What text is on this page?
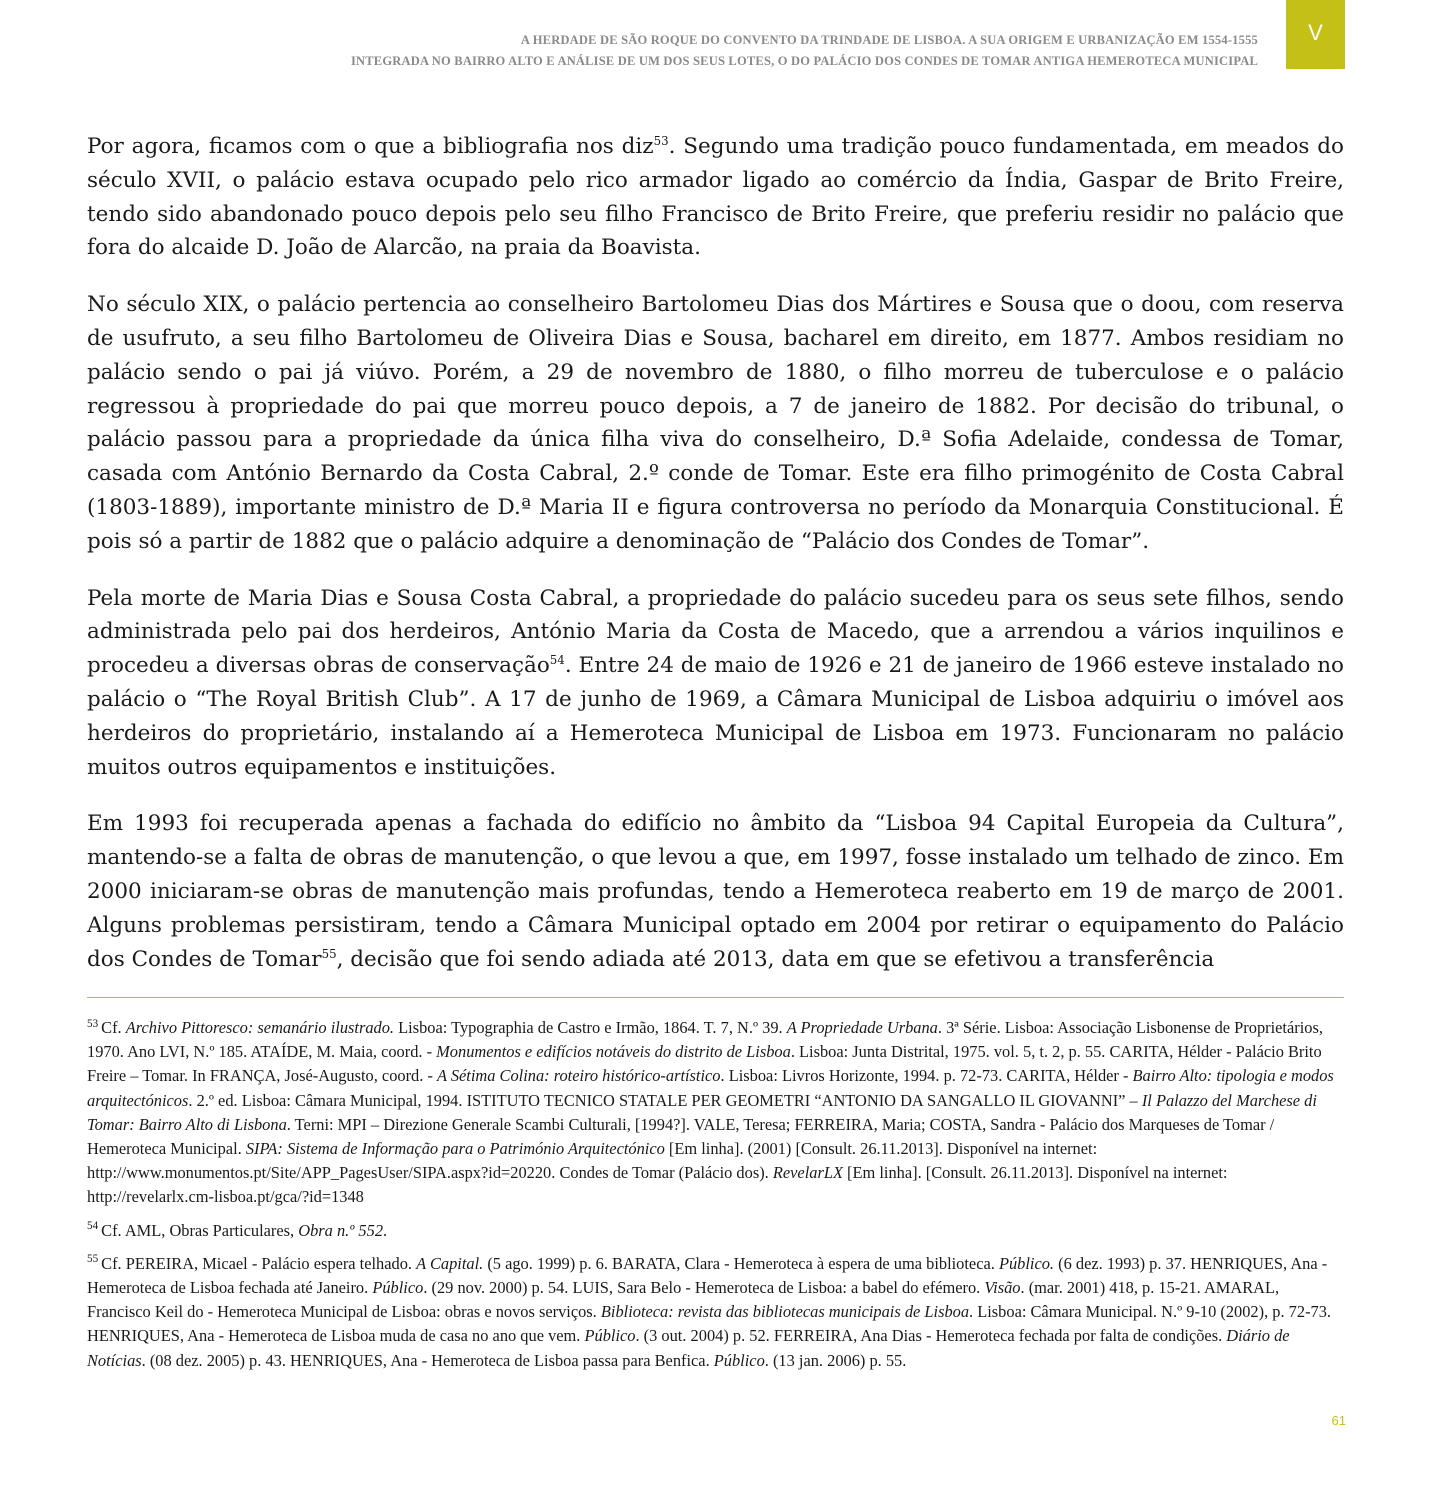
A HERDADE DE SÃO ROQUE DO CONVENTO DA TRINDADE DE LISBOA. A SUA ORIGEM E URBANIZAÇÃO EM 1554-1555
INTEGRADA NO BAIRRO ALTO E ANÁLISE DE UM DOS SEUS LOTES, O DO PALÁCIO DOS CONDES DE TOMAR ANTIGA HEMEROTECA MUNICIPAL
V

Por agora, ficamos com o que a bibliografia nos diz$^{53}$. Segundo uma tradição pouco fundamentada, em meados do século XVII, o palácio estava ocupado pelo rico armador ligado ao comércio da Índia, Gaspar de Brito Freire, tendo sido abandonado pouco depois pelo seu filho Francisco de Brito Freire, que preferiu residir no palácio que fora do alcaide D. João de Alarcão, na praia da Boavista.

No século XIX, o palácio pertencia ao conselheiro Bartolomeu Dias dos Mártires e Sousa que o doou, com reserva de usufruto, a seu filho Bartolomeu de Oliveira Dias e Sousa, bacharel em direito, em 1877. Ambos residiam no palácio sendo o pai já viúvo. Porém, a 29 de novembro de 1880, o filho morreu de tuberculose e o palácio regressou à propriedade do pai que morreu pouco depois, a 7 de janeiro de 1882. Por decisão do tribunal, o palácio passou para a propriedade da única filha viva do conselheiro, D.ª Sofia Adelaide, condessa de Tomar, casada com António Bernardo da Costa Cabral, 2.º conde de Tomar. Este era filho primogénito de Costa Cabral (1803-1889), importante ministro de D.ª Maria II e figura controversa no período da Monarquia Constitucional. É pois só a partir de 1882 que o palácio adquire a denominação de “Palácio dos Condes de Tomar”.

Pela morte de Maria Dias e Sousa Costa Cabral, a propriedade do palácio sucedeu para os seus sete filhos, sendo administrada pelo pai dos herdeiros, António Maria da Costa de Macedo, que a arrendou a vários inquilinos e procedeu a diversas obras de conservação$^{54}$. Entre 24 de maio de 1926 e 21 de janeiro de 1966 esteve instalado no palácio o “The Royal British Club”. A 17 de junho de 1969, a Câmara Municipal de Lisboa adquiriu o imóvel aos herdeiros do proprietário, instalando aí a Hemeroteca Municipal de Lisboa em 1973. Funcionaram no palácio muitos outros equipamentos e instituições.

Em 1993 foi recuperada apenas a fachada do edifício no âmbito da “Lisboa 94 Capital Europeia da Cultura”, mantendo-se a falta de obras de manutenção, o que levou a que, em 1997, fosse instalado um telhado de zinco. Em 2000 iniciaram-se obras de manutenção mais profundas, tendo a Hemeroteca reaberto em 19 de março de 2001. Alguns problemas persistiram, tendo a Câmara Municipal optado em 2004 por retirar o equipamento do Palácio dos Condes de Tomar$^{55}$, decisão que foi sendo adiada até 2013, data em que se efetivou a transferência

$^{53}$ Cf. Archivo Pittoresco: semanário ilustrado. Lisboa: Typographia de Castro e Irmão, 1864. T. 7, N.º 39. A Propriedade Urbana. 3ª Série. Lisboa: Associação Lisbonense de Proprietários, 1970. Ano LVI, N.º 185. ATAÍDE, M. Maia, coord. - Monumentos e edifícios notáveis do distrito de Lisboa. Lisboa: Junta Distrital, 1975. vol. 5, t. 2, p. 55. CARITA, Hélder - Palácio Brito Freire – Tomar. In FRANÇA, José-Augusto, coord. - A Sétima Colina: roteiro histórico-artístico. Lisboa: Livros Horizonte, 1994. p. 72-73. CARITA, Hélder - Bairro Alto: tipologia e modos arquitectónicos. 2.º ed. Lisboa: Câmara Municipal, 1994. ISTITUTO TECNICO STATALE PER GEOMETRI “ANTONIO DA SANGALLO IL GIOVANNI” – Il Palazzo del Marchese di Tomar: Bairro Alto di Lisbona. Terni: MPI – Direzione Generale Scambi Culturali, [1994?]. VALE, Teresa; FERREIRA, Maria; COSTA, Sandra - Palácio dos Marqueses de Tomar / Hemeroteca Municipal. SIPA: Sistema de Informação para o Património Arquitectónico [Em linha]. (2001) [Consult. 26.11.2013]. Disponível na internet: http://www.monumentos.pt/Site/APP_PagesUser/SIPA.aspx?id=20220. Condes de Tomar (Palácio dos). RevelarLX [Em linha]. [Consult. 26.11.2013]. Disponível na internet: http://revelarlx.cm-lisboa.pt/gca/?id=1348

$^{54}$ Cf. AML, Obras Particulares, Obra n.º 552.

$^{55}$ Cf. PEREIRA, Micael - Palácio espera telhado. A Capital. (5 ago. 1999) p. 6. BARATA, Clara - Hemeroteca à espera de uma biblioteca. Público. (6 dez. 1993) p. 37. HENRIQUES, Ana - Hemeroteca de Lisboa fechada até Janeiro. Público. (29 nov. 2000) p. 54. LUIS, Sara Belo - Hemeroteca de Lisboa: a babel do efémero. Visão. (mar. 2001) 418, p. 15-21. AMARAL, Francisco Keil do - Hemeroteca Municipal de Lisboa: obras e novos serviços. Biblioteca: revista das bibliotecas municipais de Lisboa. Lisboa: Câmara Municipal. N.º 9-10 (2002), p. 72-73. HENRIQUES, Ana - Hemeroteca de Lisboa muda de casa no ano que vem. Público. (3 out. 2004) p. 52. FERREIRA, Ana Dias - Hemeroteca fechada por falta de condições. Diário de Notícias. (08 dez. 2005) p. 43. HENRIQUES, Ana - Hemeroteca de Lisboa passa para Benfica. Público. (13 jan. 2006) p. 55.

61
